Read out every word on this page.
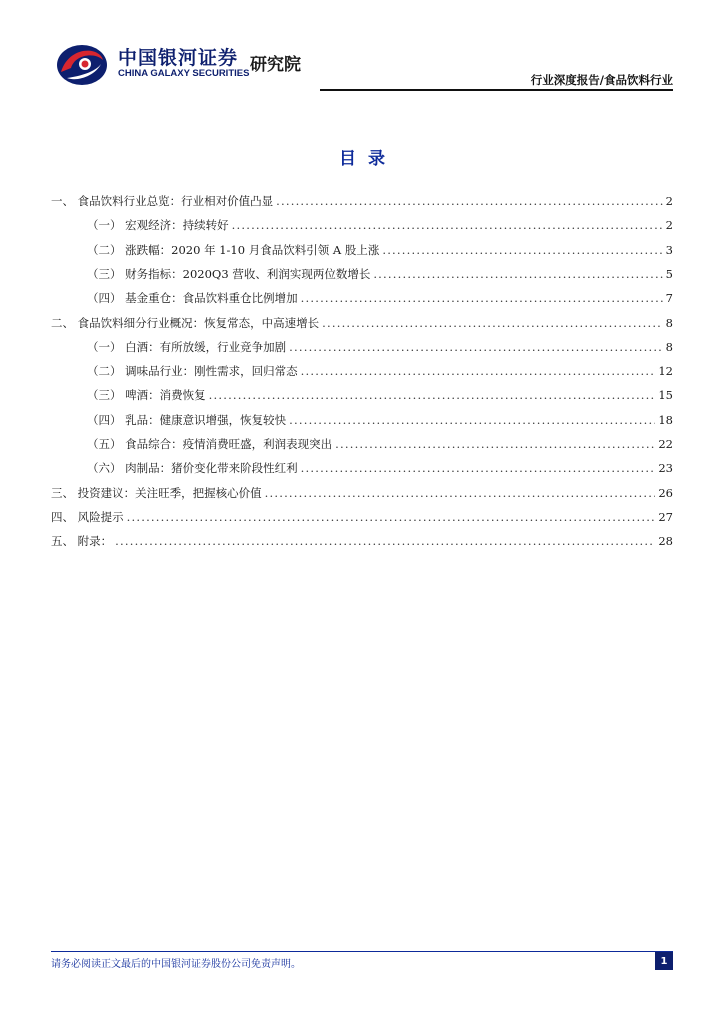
中国银河证券
CHINA GALAXY SECURITIES 研究院
行业深度报告/食品饮料行业
目录
一、 食品饮料行业总览：行业相对价值凸显 .....	2
（一） 宏观经济：持续转好 .....	2
（二） 涨跌幅：2020 年 1-10 月食品饮料引领 A 股上涨 .....	3
（三） 财务指标：2020Q3 营收、利润实现两位数增长 .....	5
（四） 基金重仓：食品饮料重仓比例增加 .....	7
二、 食品饮料细分行业概况：恢复常态，中高速增长 .....	8
（一） 白酒：有所放缓，行业竞争加剧 .....	8
（二） 调味品行业：刚性需求，回归常态 .....	12
（三） 啤酒：消费恢复 .....	15
（四） 乳品：健康意识增强，恢复较快 .....	18
（五） 食品综合：疫情消费旺盛，利润表现突出 .....	22
（六） 肉制品：猪价变化带来阶段性红利 .....	23
三、 投资建议：关注旺季，把握核心价值 .....	26
四、 风险提示 .....	27
五、 附录： .....	28
请务必阅读正文最后的中国银河证券股份公司免责声明。	1
